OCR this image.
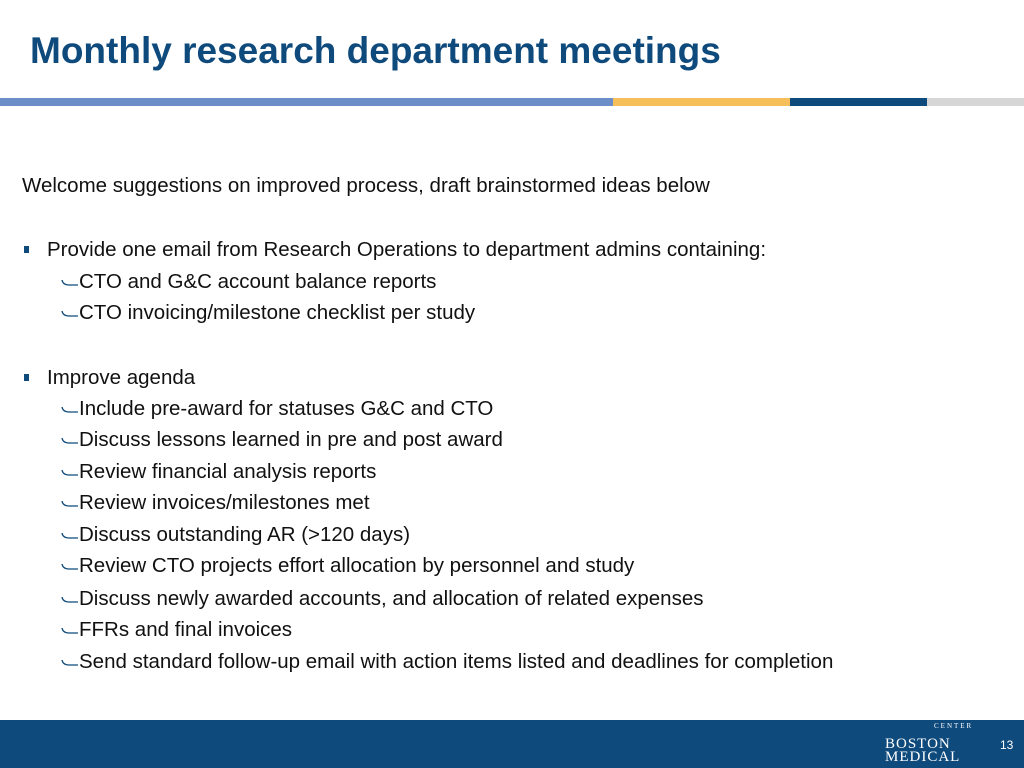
Monthly research department meetings
Welcome suggestions on improved process, draft brainstormed ideas below
Provide one email from Research Operations to department admins containing:
CTO and G&C account balance reports
CTO invoicing/milestone checklist per study
Improve agenda
Include pre-award for statuses G&C and CTO
Discuss lessons learned in pre and post award
Review financial analysis reports
Review invoices/milestones met
Discuss outstanding AR (>120 days)
Review CTO projects effort allocation by personnel and study
Discuss newly awarded accounts, and allocation of related expenses
FFRs and final invoices
Send standard follow-up email with action items listed and deadlines for completion
CENTER
BOSTON
MEDICAL
13
